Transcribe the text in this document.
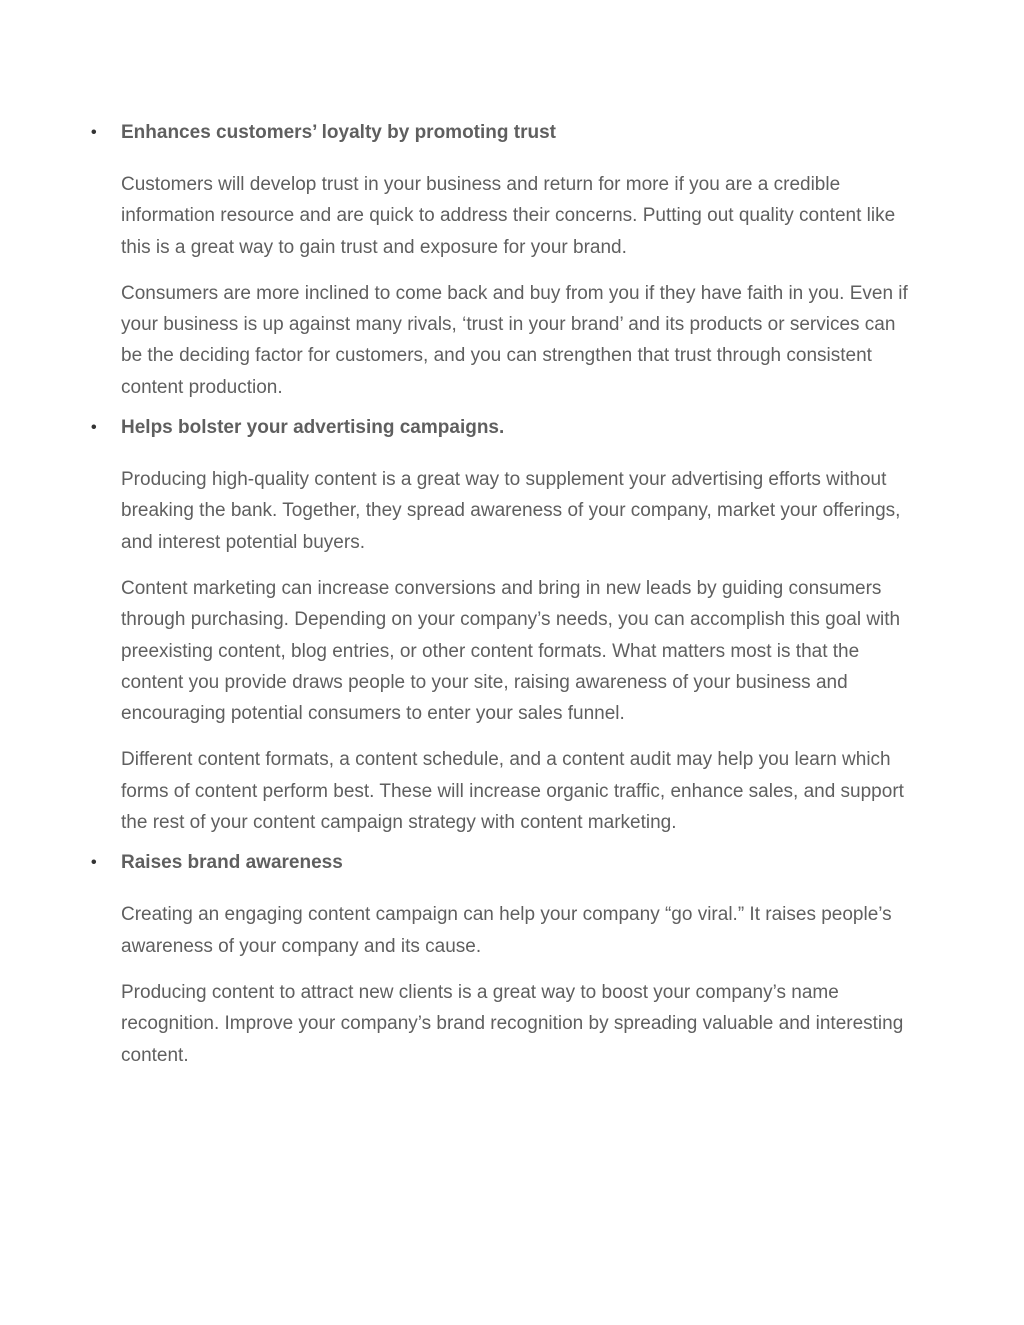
• Enhances customers’ loyalty by promoting trust

Customers will develop trust in your business and return for more if you are a credible information resource and are quick to address their concerns. Putting out quality content like this is a great way to gain trust and exposure for your brand.

Consumers are more inclined to come back and buy from you if they have faith in you. Even if your business is up against many rivals, ‘trust in your brand’ and its products or services can be the deciding factor for customers, and you can strengthen that trust through consistent content production.

• Helps bolster your advertising campaigns.

Producing high-quality content is a great way to supplement your advertising efforts without breaking the bank. Together, they spread awareness of your company, market your offerings, and interest potential buyers.

Content marketing can increase conversions and bring in new leads by guiding consumers through purchasing. Depending on your company’s needs, you can accomplish this goal with preexisting content, blog entries, or other content formats. What matters most is that the content you provide draws people to your site, raising awareness of your business and encouraging potential consumers to enter your sales funnel.

Different content formats, a content schedule, and a content audit may help you learn which forms of content perform best. These will increase organic traffic, enhance sales, and support the rest of your content campaign strategy with content marketing.

• Raises brand awareness

Creating an engaging content campaign can help your company “go viral.” It raises people’s awareness of your company and its cause.

Producing content to attract new clients is a great way to boost your company’s name recognition. Improve your company’s brand recognition by spreading valuable and interesting content.
